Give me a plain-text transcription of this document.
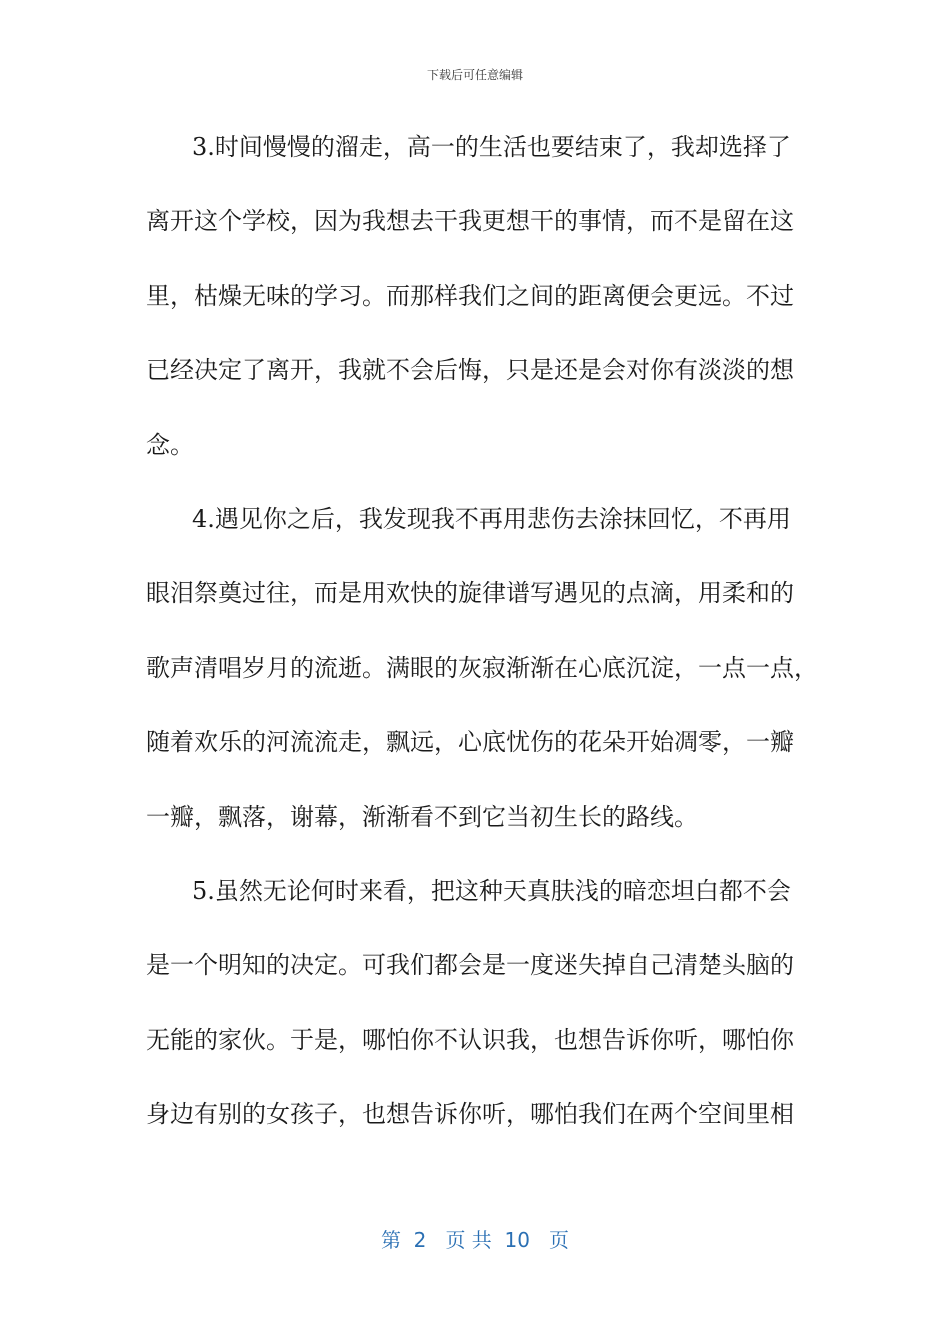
下载后可任意编辑
3.时间慢慢的溜走，高一的生活也要结束了，我却选择了
离开这个学校，因为我想去干我更想干的事情，而不是留在这
里，枯燥无味的学习。而那样我们之间的距离便会更远。不过
已经决定了离开，我就不会后悔，只是还是会对你有淡淡的想
念。
4.遇见你之后，我发现我不再用悲伤去涂抹回忆，不再用
眼泪祭奠过往，而是用欢快的旋律谱写遇见的点滴，用柔和的
歌声清唱岁月的流逝。满眼的灰寂渐渐在心底沉淀，一点一点，
随着欢乐的河流流走，飘远，心底忧伤的花朵开始凋零，一瓣
一瓣，飘落，谢幕，渐渐看不到它当初生长的路线。
5.虽然无论何时来看，把这种天真肤浅的暗恋坦白都不会
是一个明知的决定。可我们都会是一度迷失掉自己清楚头脑的
无能的家伙。于是，哪怕你不认识我，也想告诉你听，哪怕你
身边有别的女孩子，也想告诉你听，哪怕我们在两个空间里相
第  2   页 共  10   页
